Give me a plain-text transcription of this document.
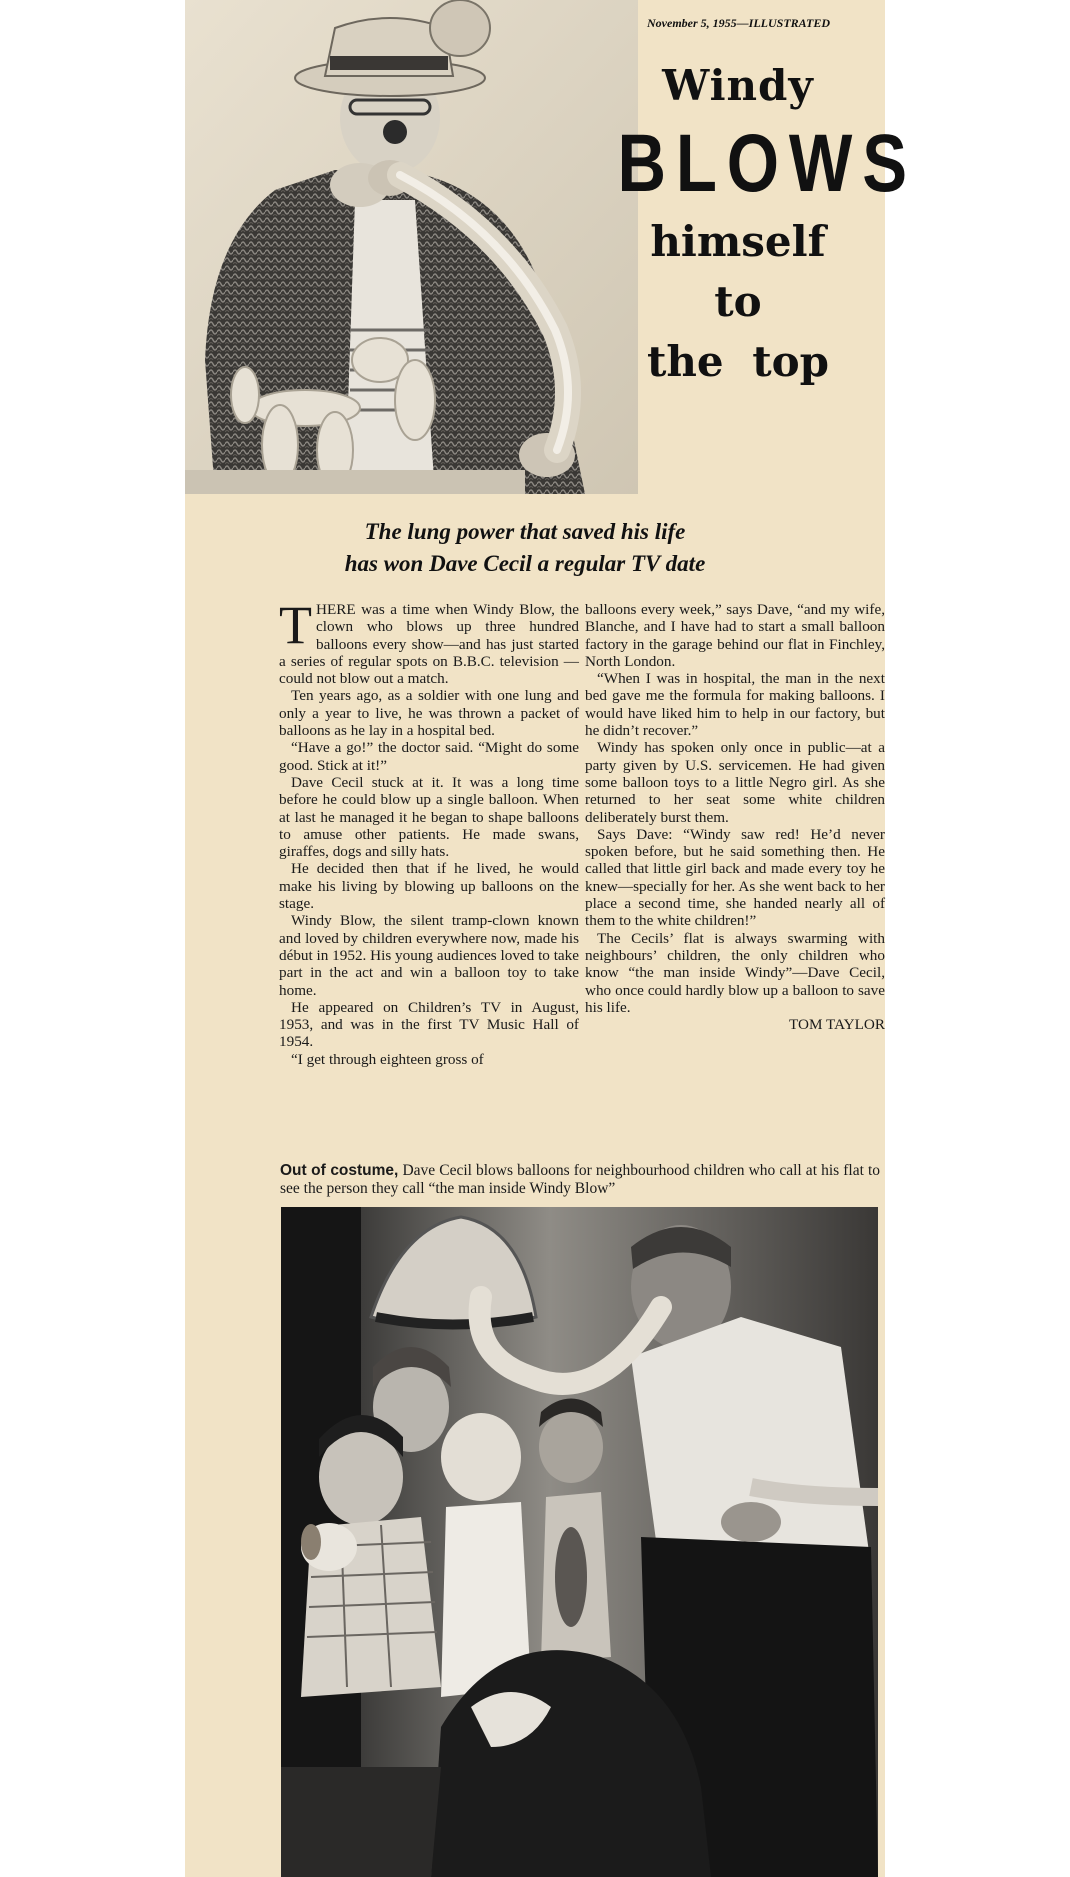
November 5, 1955—ILLUSTRATED
Windy
BLOWS
himself
to
the top
The lung power that saved his life
has won Dave Cecil a regular TV date

THERE was a time when Windy Blow, the clown who blows up three hundred balloons every show—and has just started a series of regular spots on B.B.C. television —could not blow out a match.

Ten years ago, as a soldier with one lung and only a year to live, he was thrown a packet of balloons as he lay in a hospital bed.

“Have a go!” the doctor said. “Might do some good. Stick at it!”

Dave Cecil stuck at it. It was a long time before he could blow up a single balloon. When at last he managed it he began to shape balloons to amuse other patients. He made swans, giraffes, dogs and silly hats.

He decided then that if he lived, he would make his living by blowing up balloons on the stage.

Windy Blow, the silent tramp-clown known and loved by children everywhere now, made his début in 1952. His young audiences loved to take part in the act and win a balloon toy to take home.

He appeared on Children’s TV in August, 1953, and was in the first TV Music Hall of 1954.

“I get through eighteen gross of

balloons every week,” says Dave, “and my wife, Blanche, and I have had to start a small balloon factory in the garage behind our flat in Finchley, North London.

“When I was in hospital, the man in the next bed gave me the formula for making balloons. I would have liked him to help in our factory, but he didn’t recover.”

Windy has spoken only once in public—at a party given by U.S. servicemen. He had given some balloon toys to a little Negro girl. As she returned to her seat some white children deliberately burst them.

Says Dave: “Windy saw red! He’d never spoken before, but he said something then. He called that little girl back and made every toy he knew—specially for her. As she went back to her place a second time, she handed nearly all of them to the white children!”

The Cecils’ flat is always swarming with neighbours’ children, the only children who know “the man inside Windy”—Dave Cecil, who once could hardly blow up a balloon to save his life.

TOM TAYLOR
Out of costume, Dave Cecil blows balloons for neighbourhood children who call at his flat to see the person they call “the man inside Windy Blow”
